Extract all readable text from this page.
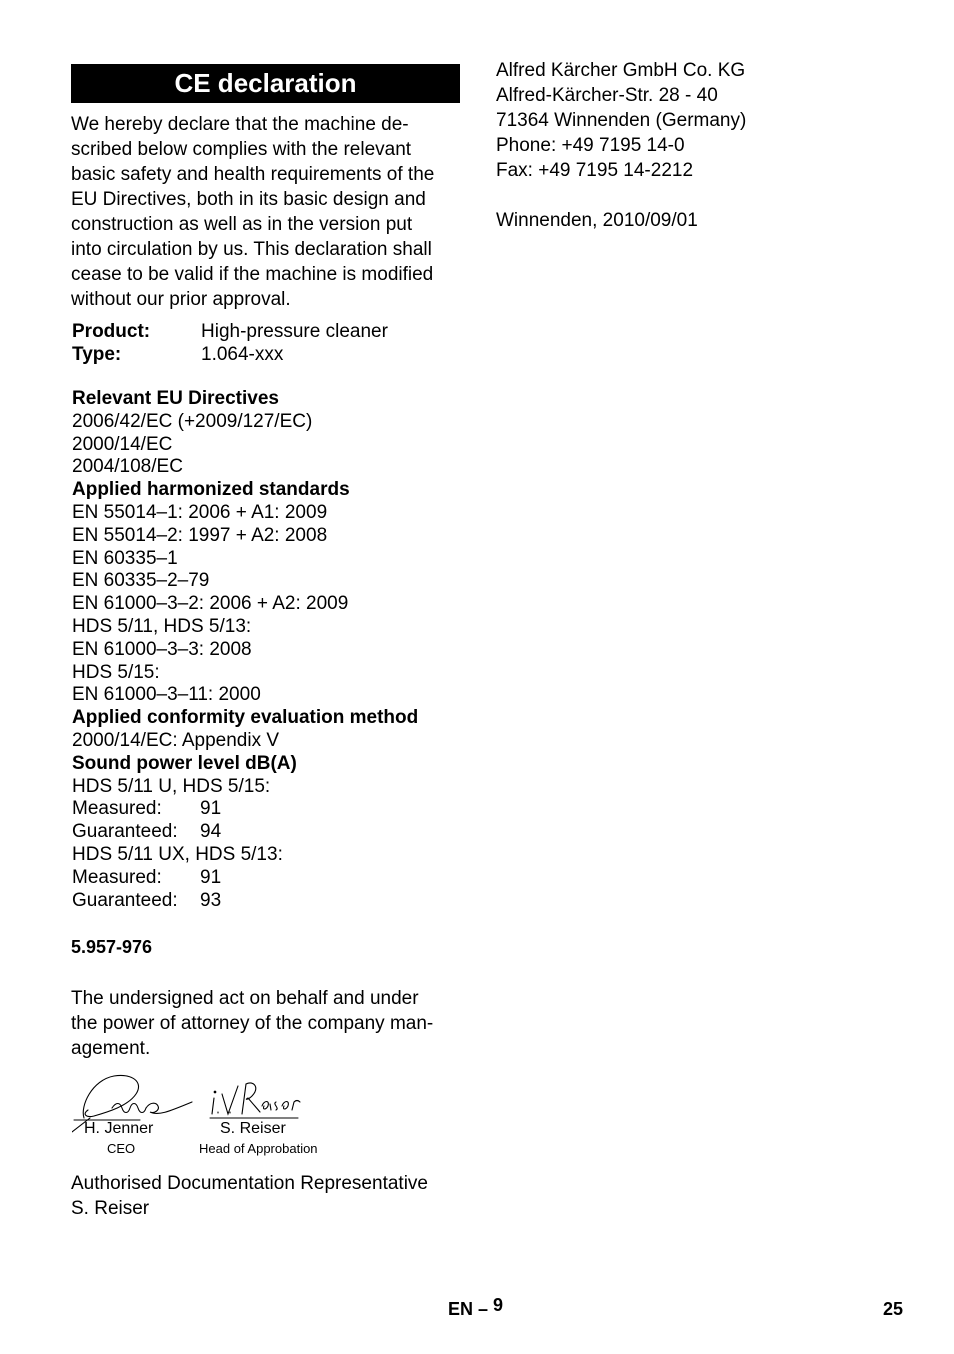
CE declaration
We hereby declare that the machine de-
scribed below complies with the relevant
basic safety and health requirements of the
EU Directives, both in its basic design and
construction as well as in the version put
into circulation by us. This declaration shall
cease to be valid if the machine is modified
without our prior approval.
Product:	High-pressure cleaner
Type:	1.064-xxx
Relevant EU Directives
2006/42/EC (+2009/127/EC)
2000/14/EC
2004/108/EC
Applied harmonized standards
EN 55014–1: 2006 + A1: 2009
EN 55014–2: 1997 + A2: 2008
EN 60335–1
EN 60335–2–79
EN 61000–3–2: 2006 + A2: 2009
HDS 5/11, HDS 5/13:
EN 61000–3–3: 2008
HDS 5/15:
EN 61000–3–11: 2000
Applied conformity evaluation method
2000/14/EC: Appendix V
Sound power level dB(A)
HDS 5/11 U, HDS 5/15:
Measured: 91
Guaranteed: 94
HDS 5/11 UX, HDS 5/13:
Measured: 91
Guaranteed: 93
5.957-976
The undersigned act on behalf and under
the power of attorney of the company man-
agement.
H. Jenner
CEO
S. Reiser
Head of Approbation
Authorised Documentation Representative
S. Reiser
Alfred Kärcher GmbH Co. KG
Alfred-Kärcher-Str. 28 - 40
71364 Winnenden (Germany)
Phone: +49 7195 14-0
Fax: +49 7195 14-2212
Winnenden, 2010/09/01
EN – 9	25
